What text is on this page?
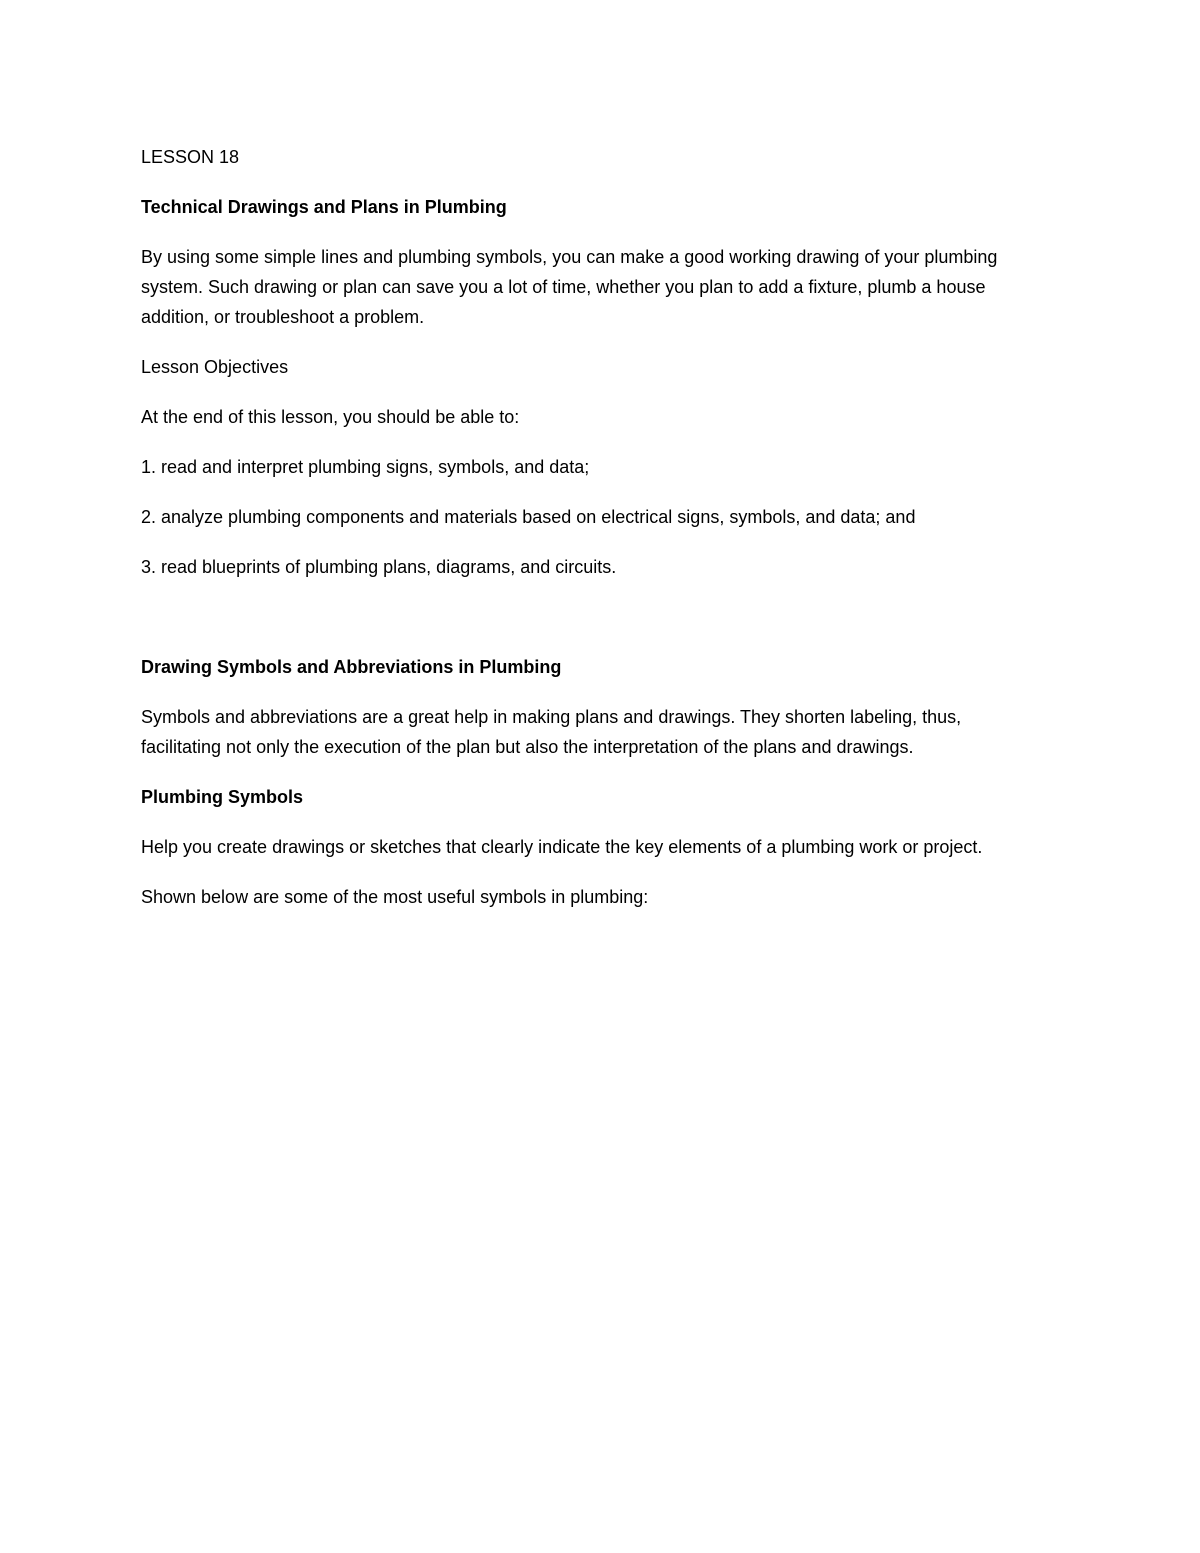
LESSON 18

Technical Drawings and Plans in Plumbing

By using some simple lines and plumbing symbols, you can make a good working drawing of your plumbing system. Such drawing or plan can save you a lot of time, whether you plan to add a fixture, plumb a house addition, or troubleshoot a problem.

Lesson Objectives

At the end of this lesson, you should be able to:

1. read and interpret plumbing signs, symbols, and data;
2. analyze plumbing components and materials based on electrical signs, symbols, and data; and
3. read blueprints of plumbing plans, diagrams, and circuits.

Drawing Symbols and Abbreviations in Plumbing

Symbols and abbreviations are a great help in making plans and drawings. They shorten labeling, thus, facilitating not only the execution of the plan but also the interpretation of the plans and drawings.

Plumbing Symbols

Help you create drawings or sketches that clearly indicate the key elements of a plumbing work or project.

Shown below are some of the most useful symbols in plumbing:
